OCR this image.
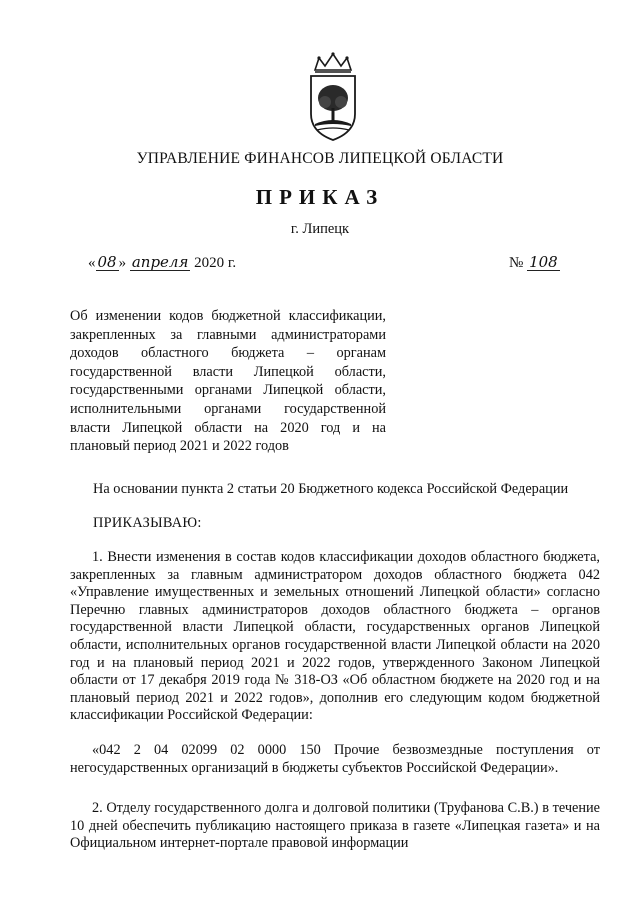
УПРАВЛЕНИЕ ФИНАНСОВ ЛИПЕЦКОЙ ОБЛАСТИ
ПРИКАЗ
г. Липецк
« 08 » апреля 2020 г.	№ 108
Об изменении кодов бюджетной классификации, закрепленных за главными администраторами доходов областного бюджета – органам государственной власти Липецкой области, государственными органами Липецкой области, исполнительными органами государственной власти Липецкой области на 2020 год и на плановый период 2021 и 2022 годов
На основании пункта 2 статьи 20 Бюджетного кодекса Российской Федерации
ПРИКАЗЫВАЮ:

1. Внести изменения в состав кодов классификации доходов областного бюджета, закрепленных за главным администратором доходов областного бюджета 042 «Управление имущественных и земельных отношений Липецкой области» согласно Перечню главных администраторов доходов областного бюджета – органов государственной власти Липецкой области, государственных органов Липецкой области, исполнительных органов государственной власти Липецкой области на 2020 год и на плановый период 2021 и 2022 годов, утвержденного Законом Липецкой области от 17 декабря 2019 года № 318-ОЗ «Об областном бюджете на 2020 год и на плановый период 2021 и 2022 годов», дополнив его следующим кодом бюджетной классификации Российской Федерации:

«042 2 04 02099 02 0000 150 Прочие безвозмездные поступления от негосударственных организаций в бюджеты субъектов Российской Федерации».

2. Отделу государственного долга и долговой политики (Труфанова С.В.) в течение 10 дней обеспечить публикацию настоящего приказа в газете «Липецкая газета» и на Официальном интернет-портале правовой информации
